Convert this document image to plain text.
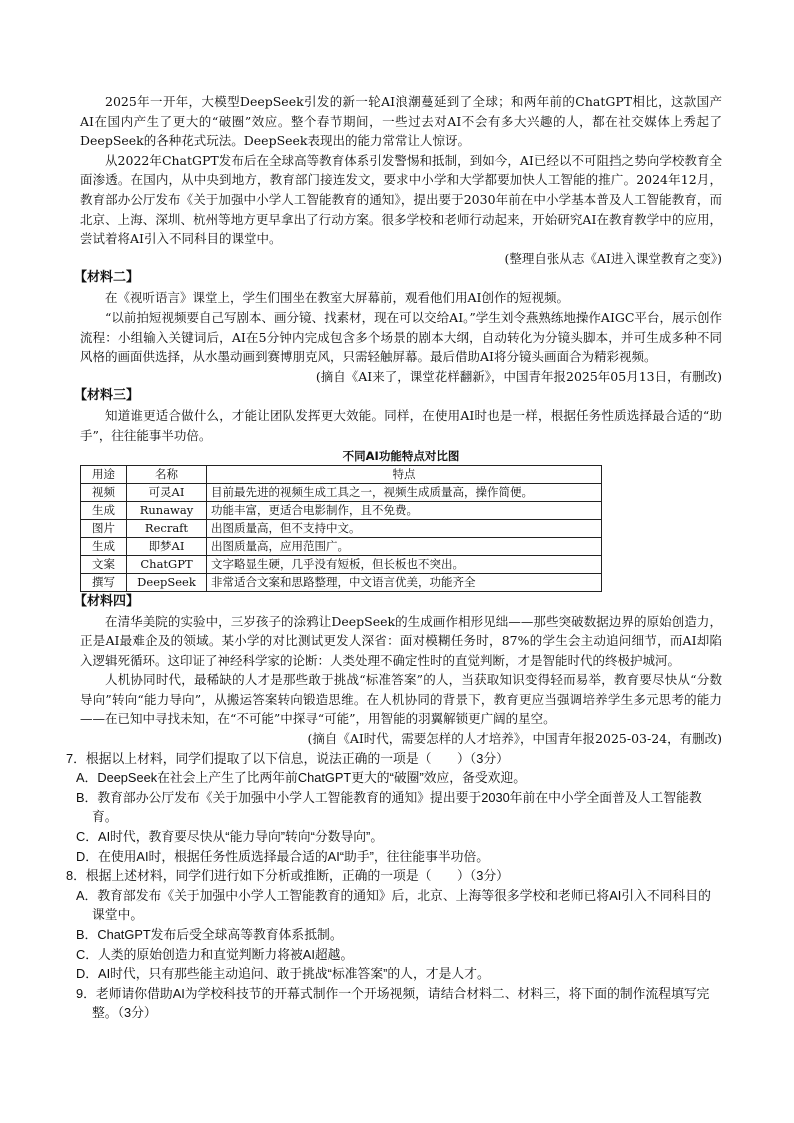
2025年一开年，大模型DeepSeek引发的新一轮AI浪潮蔓延到了全球；和两年前的ChatGPT相比，这款国产AI在国内产生了更大的“破圈”效应。整个春节期间，一些过去对AI不会有多大兴趣的人，都在社交媒体上秀起了DeepSeek的各种花式玩法。DeepSeek表现出的能力常常让人惊讶。

从2022年ChatGPT发布后在全球高等教育体系引发警惕和抵制，到如今，AI已经以不可阻挡之势向学校教育全面渗透。在国内，从中央到地方，教育部门接连发文，要求中小学和大学都要加快人工智能的推广。2024年12月，教育部办公厅发布《关于加强中小学人工智能教育的通知》，提出要于2030年前在中小学基本普及人工智能教育，而北京、上海、深圳、杭州等地方更早拿出了行动方案。很多学校和老师行动起来，开始研究AI在教育教学中的应用，尝试着将AI引入不同科目的课堂中。

(整理自张从志《AI进入课堂教育之变》)

【材料二】

在《视听语言》课堂上，学生们围坐在教室大屏幕前，观看他们用AI创作的短视频。

“以前拍短视频要自己写剧本、画分镜、找素材，现在可以交给AI。”学生刘令燕熟练地操作AIGC平台，展示创作流程：小组输入关键词后，AI在5分钟内完成包含多个场景的剧本大纲，自动转化为分镜头脚本，并可生成多种不同风格的画面供选择，从水墨动画到赛博朋克风，只需轻触屏幕。最后借助AI将分镜头画面合为精彩视频。

(摘自《AI来了，课堂花样翻新》，中国青年报2025年05月13日，有删改)

【材料三】

知道谁更适合做什么，才能让团队发挥更大效能。同样，在使用AI时也是一样，根据任务性质选择最合适的“助手”，往往能事半功倍。

不同AI功能特点对比图
用途	名称	特点
视频	可灵AI	目前最先进的视频生成工具之一，视频生成质量高，操作简便。
生成	Runaway	功能丰富，更适合电影制作，且不免费。
图片	Recraft	出图质量高，但不支持中文。
生成	即梦AI	出图质量高，应用范围广。
文案	ChatGPT	文字略显生硬，几乎没有短板，但长板也不突出。
撰写	DeepSeek	非常适合文案和思路整理，中文语言优美，功能齐全
【材料四】

在清华美院的实验中，三岁孩子的涂鸦让DeepSeek的生成画作相形见绌——那些突破数据边界的原始创造力，正是AI最难企及的领域。某小学的对比测试更发人深省：面对模糊任务时，87%的学生会主动追问细节，而AI却陷入逻辑死循环。这印证了神经科学家的论断：人类处理不确定性时的直觉判断，才是智能时代的终极护城河。

人机协同时代，最稀缺的人才是那些敢于挑战“标准答案”的人，当获取知识变得轻而易举，教育要尽快从“分数导向”转向“能力导向”，从搬运答案转向锻造思维。在人机协同的背景下，教育更应当强调培养学生多元思考的能力——在已知中寻找未知，在“不可能”中探寻“可能”，用智能的羽翼解锁更广阔的星空。

(摘自《AI时代，需要怎样的人才培养》，中国青年报2025-03-24，有删改)

7．根据以上材料，同学们提取了以下信息，说法正确的一项是（　　）（3分）
A．DeepSeek在社会上产生了比两年前ChatGPT更大的“破圈”效应，备受欢迎。
B．教育部办公厅发布《关于加强中小学人工智能教育的通知》提出要于2030年前在中小学全面普及人工智能教育。
C．AI时代，教育要尽快从“能力导向”转向“分数导向”。
D．在使用AI时，根据任务性质选择最合适的AI“助手”，往往能事半功倍。
8．根据上述材料，同学们进行如下分析或推断，正确的一项是（　　）（3分）
A．教育部发布《关于加强中小学人工智能教育的通知》后，北京、上海等很多学校和老师已将AI引入不同科目的课堂中。
B．ChatGPT发布后受全球高等教育体系抵制。
C．人类的原始创造力和直觉判断力将被AI超越。
D．AI时代，只有那些能主动追问、敢于挑战“标准答案”的人，才是人才。
9．老师请你借助AI为学校科技节的开幕式制作一个开场视频，请结合材料二、材料三，将下面的制作流程填写完整。（3分）
